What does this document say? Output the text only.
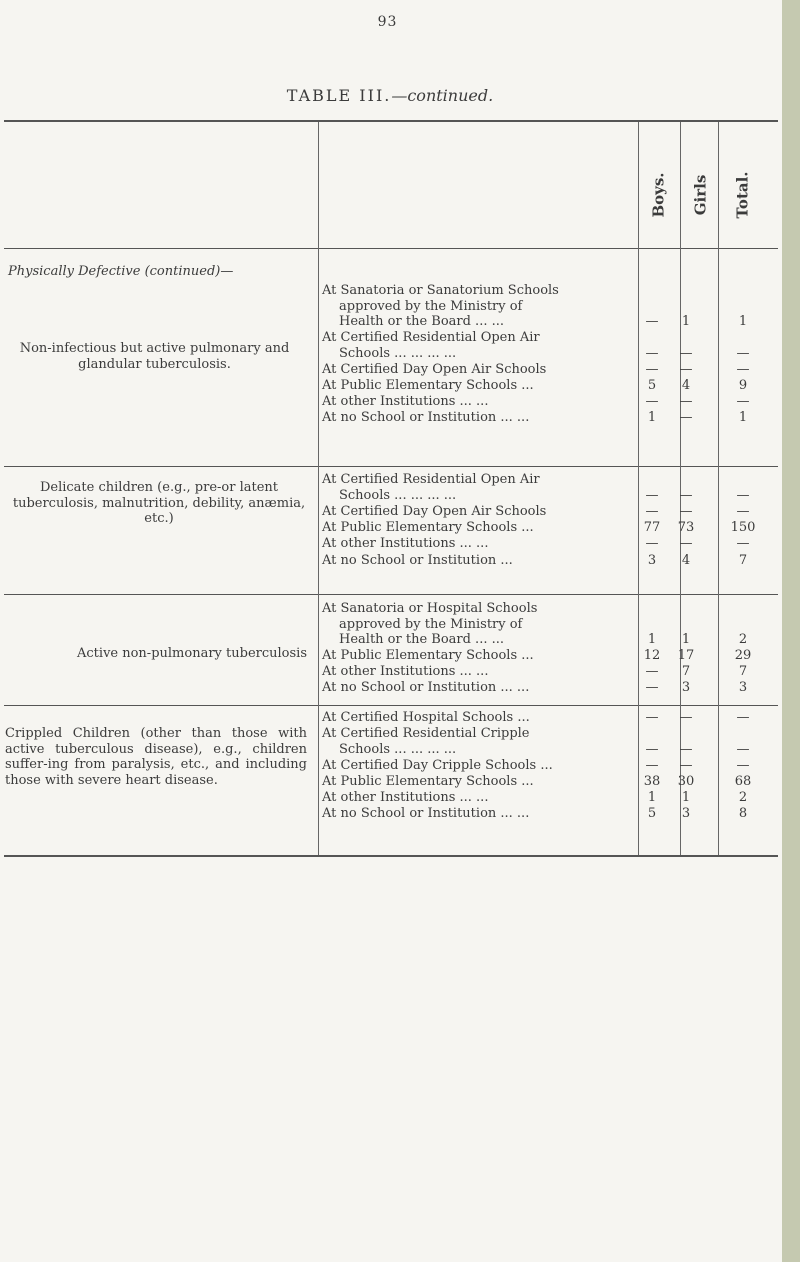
93
TABLE III.—continued.
Boys. Girls Total.
Physically Defective (continued)—
Non-infectious but active pulmonary and glandular tuberculosis.
At Sanatoria or Sanatorium Schools
approved by the Ministry of
Health or the Board ... ...	—	1	1
At Certified Residential Open Air
Schools ... ... ... ...	—	—	—
At Certified Day Open Air Schools	—	—	—
At Public Elementary Schools ...	5	4	9
At other Institutions ... ...	—	—	—
At no School or Institution ... ...	1	—	1
Delicate children (e.g., pre-or latent tuberculosis, malnutrition, debility, anæmia, etc.)
At Certified Residential Open Air
Schools ... ... ... ...	—	—	—
At Certified Day Open Air Schools	—	—	—
At Public Elementary Schools ...	77	73	150
At other Institutions ... ...	—	—	—
At no School or Institution ...	3	4	7
Active non-pulmonary tuberculosis
At Sanatoria or Hospital Schools
approved by the Ministry of
Health or the Board ... ...	1	1	2
At Public Elementary Schools ...	12	17	29
At other Institutions ... ...	—	7	7
At no School or Institution ... ...	—	3	3
Crippled Children (other than those with active tuberculous disease), e.g., children suffer-ing from paralysis, etc., and including those with severe heart disease.
At Certified Hospital Schools ...	—	—	—
At Certified Residential Cripple
Schools ... ... ... ...	—	—	—
At Certified Day Cripple Schools ...	—	—	—
At Public Elementary Schools ...	38	30	68
At other Institutions ... ...	1	1	2
At no School or Institution ... ...	5	3	8
